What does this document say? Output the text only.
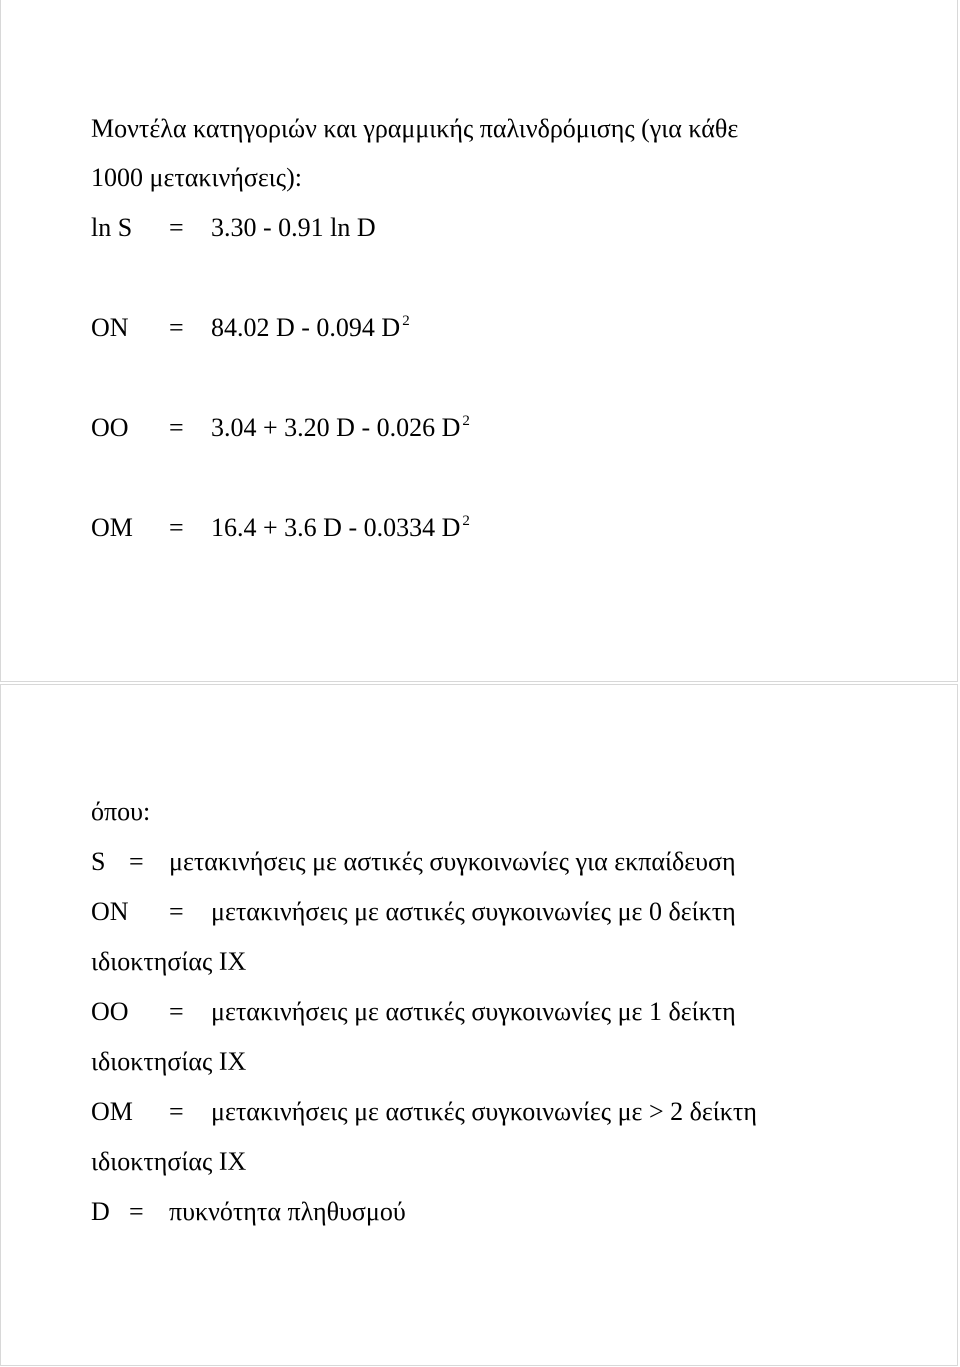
Μοντέλα κατηγοριών και γραμμικής παλινδρόμισης (για κάθε
1000 μετακινήσεις):
ln S = 3.30 - 0.91 ln D
ON = 84.02 D - 0.094 D $^2$
OO = 3.04 + 3.20 D - 0.026 D $^2$
OM = 16.4 + 3.6 D - 0.0334 D $^2$
όπου:
S = μετακινήσεις με αστικές συγκοινωνίες για εκπαίδευση
ON = μετακινήσεις με αστικές συγκοινωνίες με 0 δείκτη
ιδιοκτησίας ΙΧ
OO = μετακινήσεις με αστικές συγκοινωνίες με 1 δείκτη
ιδιοκτησίας ΙΧ
OM = μετακινήσεις με αστικές συγκοινωνίες με > 2 δείκτη
ιδιοκτησίας ΙΧ
D = πυκνότητα πληθυσμού
